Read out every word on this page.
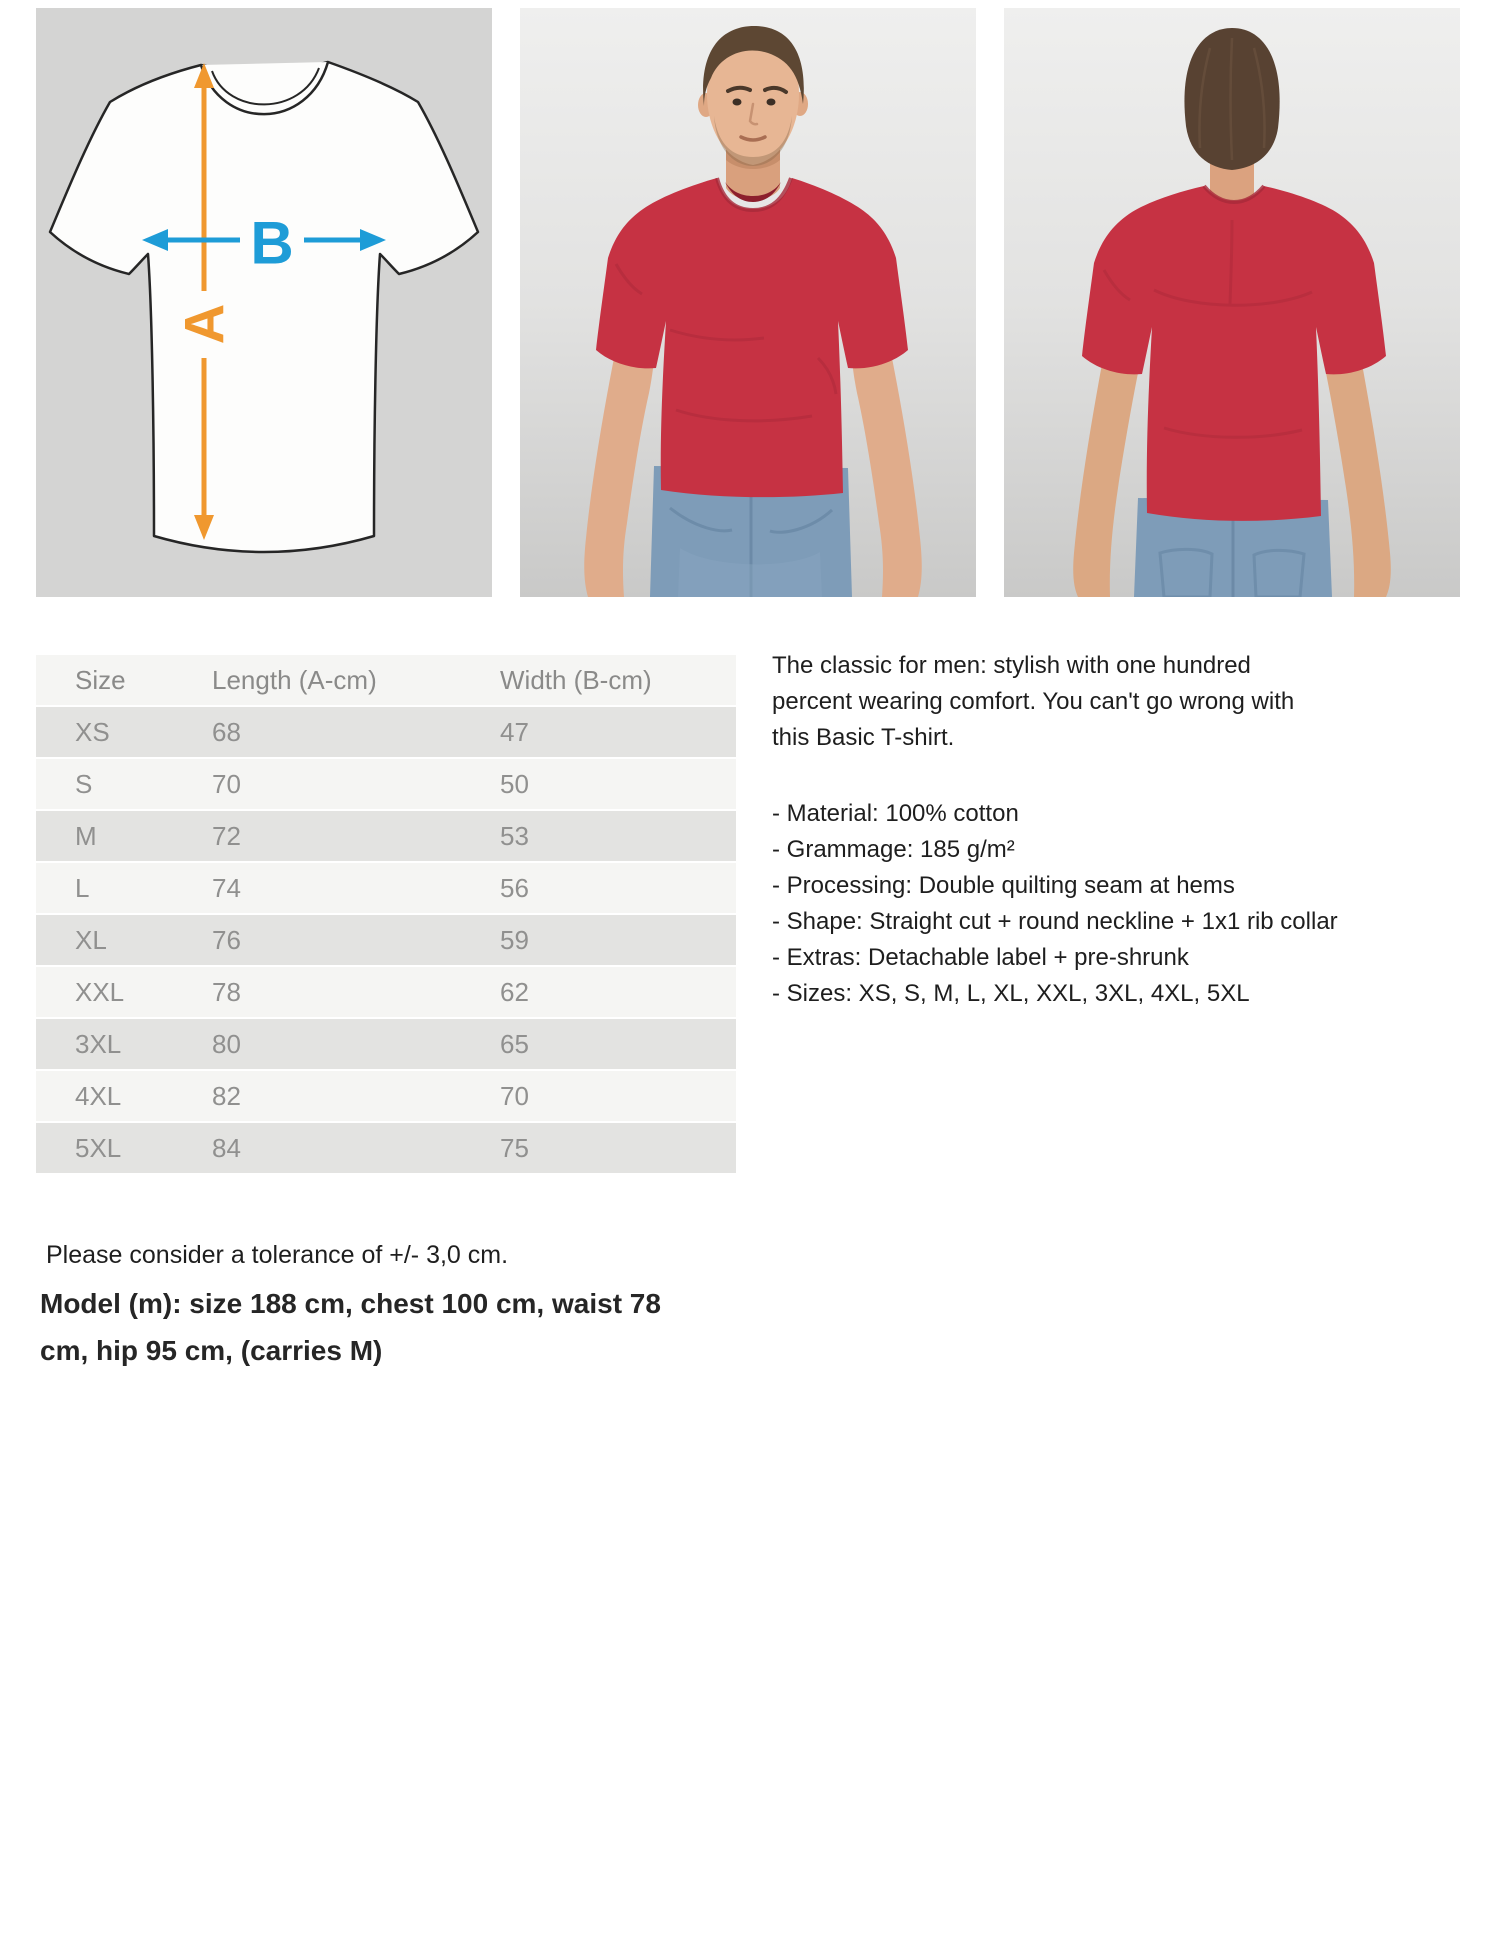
A
B
Size	Length (A-cm)	Width (B-cm)
XS	68	47
S	70	50
M	72	53
L	74	56
XL	76	59
XXL	78	62
3XL	80	65
4XL	82	70
5XL	84	75
The classic for men: stylish with one hundred
percent wearing comfort. You can't go wrong with
this Basic T-shirt.
- Material: 100% cotton
- Grammage: 185 g/m²
- Processing: Double quilting seam at hems
- Shape: Straight cut + round neckline + 1x1 rib collar
- Extras: Detachable label + pre-shrunk
- Sizes: XS, S, M, L, XL, XXL, 3XL, 4XL, 5XL

Please consider a tolerance of +/- 3,0 cm.

Model (m): size 188 cm, chest 100 cm, waist 78
cm, hip 95 cm, (carries M)
